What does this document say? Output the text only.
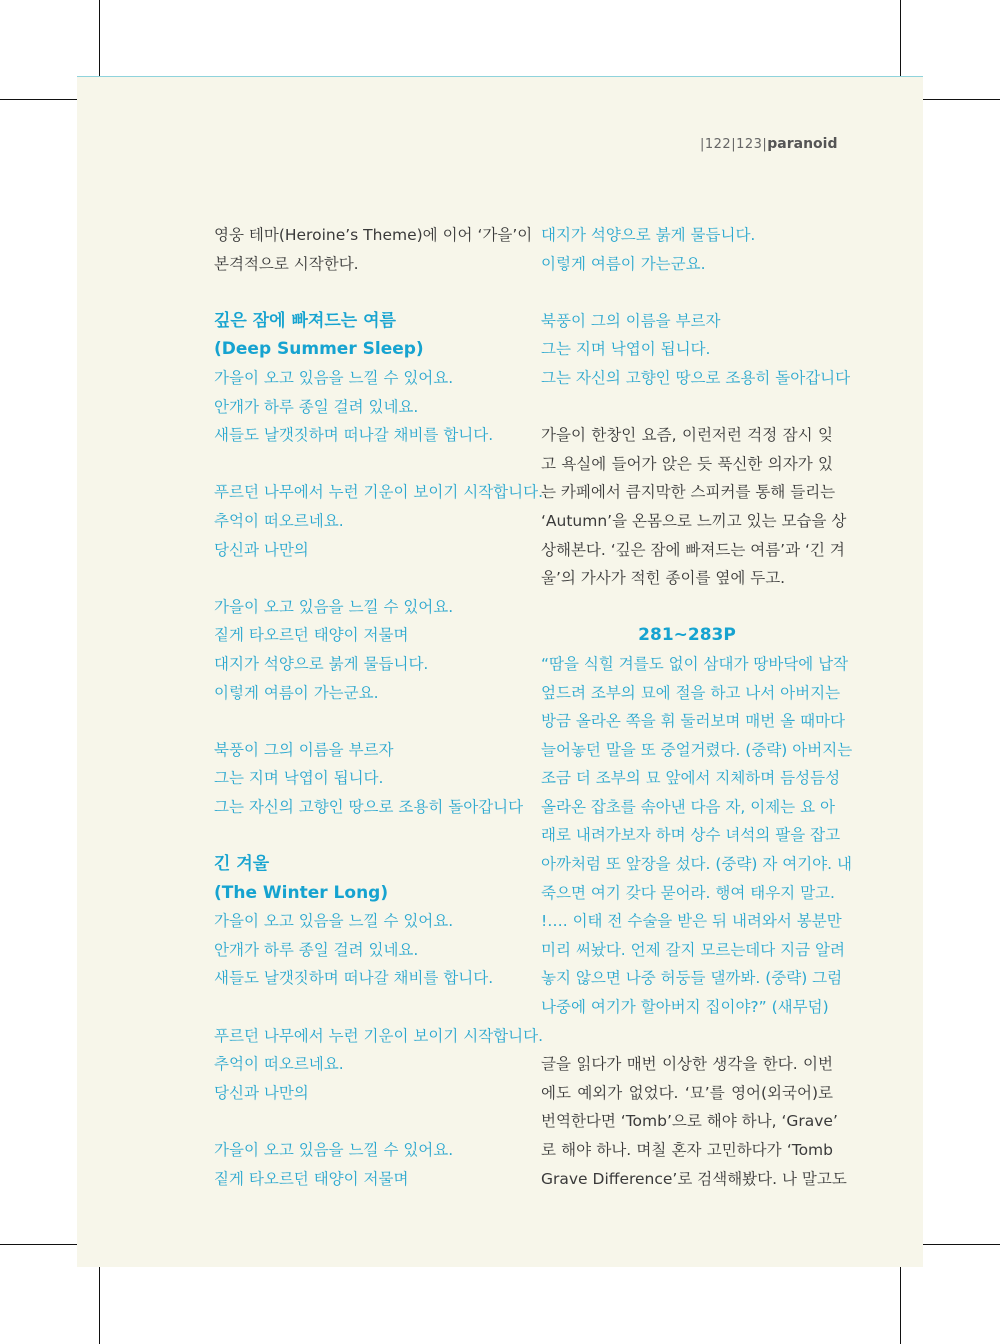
|122|123|paranoid
영웅 테마(Heroine’s Theme)에 이어 ‘가을’이
본격적으로 시작한다.
깊은 잠에 빠져드는 여름
(Deep Summer Sleep)
가을이 오고 있음을 느낄 수 있어요.
안개가 하루 종일 걸려 있네요.
새들도 날갯짓하며 떠나갈 채비를 합니다.
푸르던 나무에서 누런 기운이 보이기 시작합니다.
추억이 떠오르네요.
당신과 나만의
가을이 오고 있음을 느낄 수 있어요.
짙게 타오르던 태양이 저물며
대지가 석양으로 붉게 물듭니다.
이렇게 여름이 가는군요.
북풍이 그의 이름을 부르자
그는 지며 낙엽이 됩니다.
그는 자신의 고향인 땅으로 조용히 돌아갑니다
긴 겨울
(The Winter Long)
가을이 오고 있음을 느낄 수 있어요.
안개가 하루 종일 걸려 있네요.
새들도 날갯짓하며 떠나갈 채비를 합니다.
푸르던 나무에서 누런 기운이 보이기 시작합니다.
추억이 떠오르네요.
당신과 나만의
가을이 오고 있음을 느낄 수 있어요.
짙게 타오르던 태양이 저물며
대지가 석양으로 붉게 물듭니다.
이렇게 여름이 가는군요.
북풍이 그의 이름을 부르자
그는 지며 낙엽이 됩니다.
그는 자신의 고향인 땅으로 조용히 돌아갑니다
가을이 한창인 요즘, 이런저런 걱정 잠시 잊
고 욕실에 들어가 앉은 듯 푹신한 의자가 있
는 카페에서 큼지막한 스피커를 통해 들리는
‘Autumn’을 온몸으로 느끼고 있는 모습을 상
상해본다. ‘깊은 잠에 빠져드는 여름’과 ‘긴 겨
울’의 가사가 적힌 종이를 옆에 두고.
281~283P
“땀을 식힐 겨를도 없이 삼대가 땅바닥에 납작
엎드려 조부의 묘에 절을 하고 나서 아버지는
방금 올라온 쪽을 휘 둘러보며 매번 올 때마다
늘어놓던 말을 또 중얼거렸다. (중략) 아버지는
조금 더 조부의 묘 앞에서 지체하며 듬성듬성
올라온 잡초를 솎아낸 다음 자, 이제는 요 아
래로 내려가보자 하며 상수 녀석의 팔을 잡고
아까처럼 또 앞장을 섰다. (중략) 자 여기야. 내
죽으면 여기 갖다 묻어라. 행여 태우지 말고.
!…. 이태 전 수술을 받은 뒤 내려와서 봉분만
미리 써놨다. 언제 갈지 모르는데다 지금 알려
놓지 않으면 나중 허둥들 댈까봐. (중략) 그럼
나중에 여기가 할아버지 집이야?” (새무덤)
글을 읽다가 매번 이상한 생각을 한다. 이번
에도 예외가 없었다. ‘묘’를 영어(외국어)로
번역한다면 ‘Tomb’으로 해야 하나, ‘Grave’
로 해야 하나. 며칠 혼자 고민하다가 ‘Tomb
Grave Difference’로 검색해봤다. 나 말고도
